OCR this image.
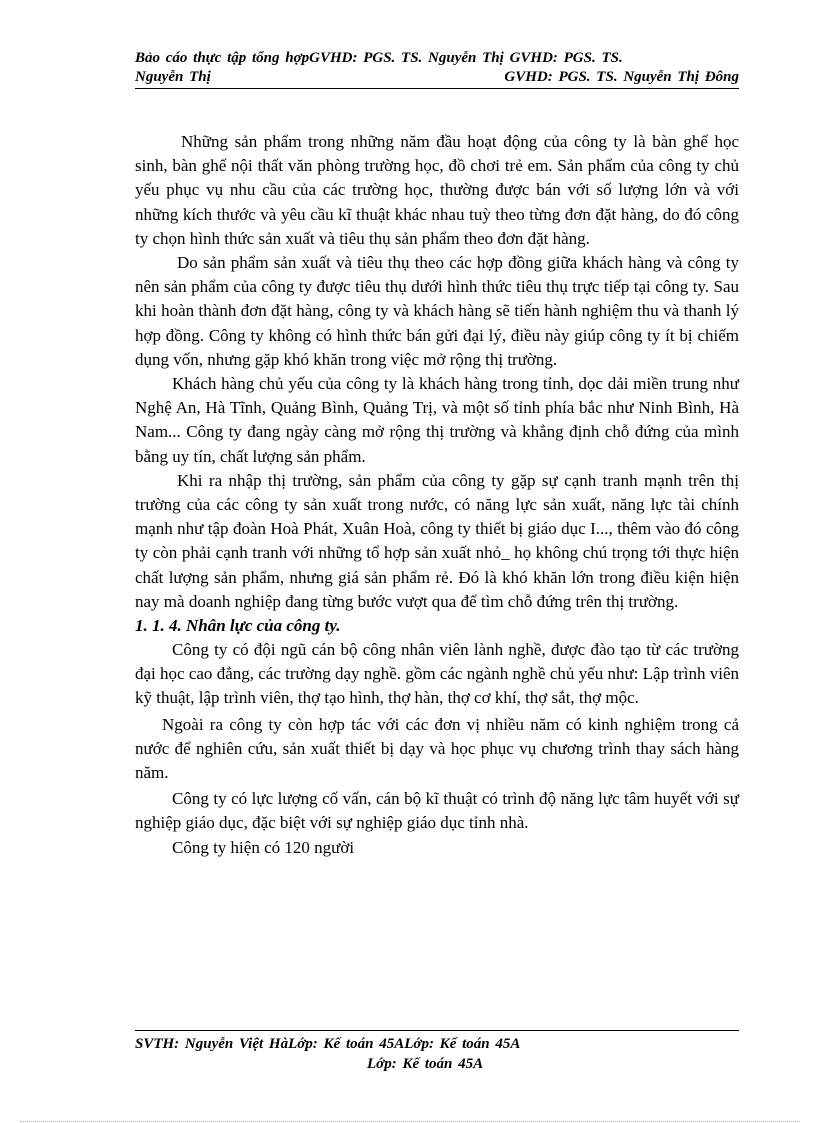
Bảo cáo thực tập tổng hợpGVHD: PGS. TS. Nguyễn Thị GVHD: PGS. TS.
Nguyễn Thị	GVHD: PGS. TS. Nguyễn Thị Đông

Những sản phẩm trong những năm đầu hoạt động của công ty là bàn ghế học sinh, bàn ghế nội thất văn phòng trường học, đồ chơi trẻ em. Sản phẩm của công ty chủ yếu phục vụ nhu cầu của các trường học, thường được bán với số lượng lớn và với những kích thước và yêu cầu kĩ thuật khác nhau tuỳ theo từng đơn đặt hàng, do đó công ty chọn hình thức sản xuất và tiêu thụ sản phẩm theo đơn đặt hàng.

Do sản phẩm sản xuất và tiêu thụ theo các hợp đồng giữa khách hàng và công ty nên sản phẩm của công ty được tiêu thụ dưới hình thức tiêu thụ trực tiếp tại công ty. Sau khi hoàn thành đơn đặt hàng, công ty và khách hàng sẽ tiến hành nghiệm thu và thanh lý hợp đồng. Công ty không có hình thức bán gửi đại lý, điều này giúp công ty ít bị chiếm dụng vốn, nhưng gặp khó khăn trong việc mở rộng thị trường.

Khách hàng chủ yếu của công ty là khách hàng trong tỉnh, dọc dải miền trung như Nghệ An, Hà Tĩnh, Quảng Bình, Quảng Trị, và một số tỉnh phía bắc như Ninh Bình, Hà Nam... Công ty đang ngày càng mở rộng thị trường và khẳng định chỗ đứng của mình bằng uy tín, chất lượng sản phẩm.

Khi ra nhập thị trường, sản phẩm của công ty gặp sự cạnh tranh mạnh trên thị trường của các công ty sản xuất trong nước, có năng lực sản xuất, năng lực tài chính mạnh như tập đoàn Hoà Phát, Xuân Hoà, công ty thiết bị giáo dục I..., thêm vào đó công ty còn phải cạnh tranh với những tổ hợp sản xuất nhỏ_ họ không chú trọng tới thực hiện chất lượng sản phẩm, nhưng giá sản phẩm rẻ. Đó là khó khăn lớn trong điều kiện hiện nay mà doanh nghiệp đang từng bước vượt qua để tìm chỗ đứng trên thị trường.

1. 1. 4. Nhân lực của công ty.

Công ty có đội ngũ cán bộ công nhân viên lành nghề, được đào tạo từ các trường đại học cao đẳng, các trường dạy nghề. gồm các ngành nghề chủ yếu như: Lập trình viên kỹ thuật, lập trình viên, thợ tạo hình, thợ hàn, thợ cơ khí, thợ sắt, thợ mộc.

Ngoài ra công ty còn hợp tác với các đơn vị nhiều năm có kinh nghiệm trong cả nước để nghiên cứu, sản xuất thiết bị dạy và học phục vụ chương trình thay sách hàng năm.

Công ty có lực lượng cố vấn, cán bộ kĩ thuật có trình độ năng lực tâm huyết với sự nghiệp giáo dục, đặc biệt với sự nghiệp giáo dục tỉnh nhà.

Công ty hiện có 120 người

SVTH: Nguyễn Việt HàLớp: Kế toán 45ALớp: Kế toán 45A
Lớp: Kế toán 45A
